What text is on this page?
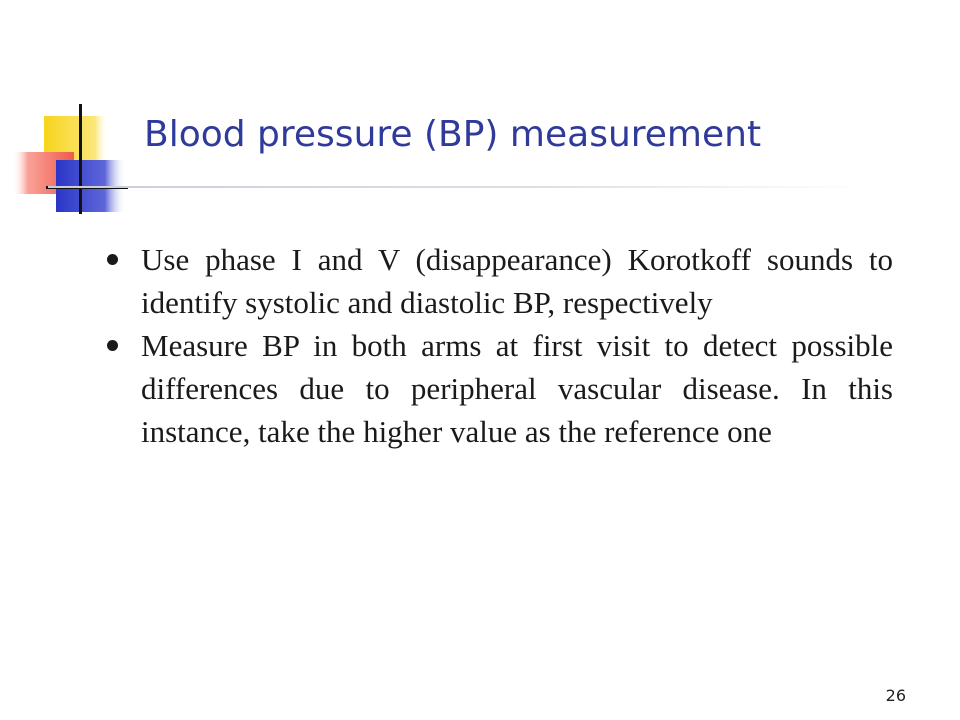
Blood pressure (BP) measurement
Use phase I and V (disappearance) Korotkoff sounds to identify systolic and diastolic BP, respectively
Measure BP in both arms at first visit to detect possible differences due to peripheral vascular disease. In this instance, take the higher value as the reference one
26
